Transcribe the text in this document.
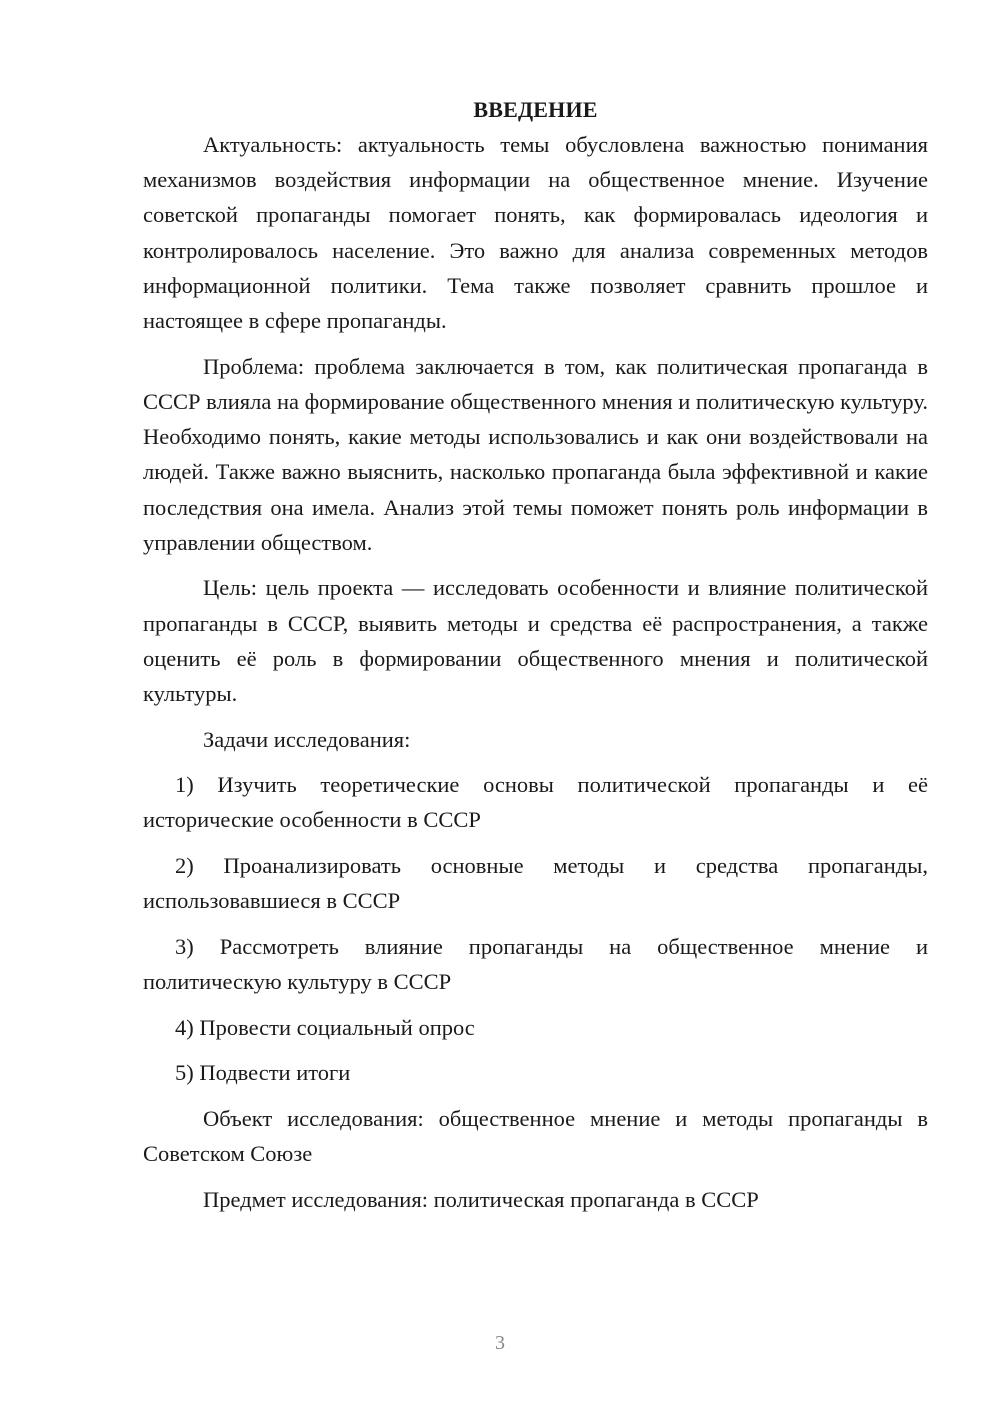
ВВЕДЕНИЕ

Актуальность: актуальность темы обусловлена важностью понимания механизмов воздействия информации на общественное мнение. Изучение советской пропаганды помогает понять, как формировалась идеология и контролировалось население. Это важно для анализа современных методов информационной политики. Тема также позволяет сравнить прошлое и настоящее в сфере пропаганды.

Проблема: проблема заключается в том, как политическая пропаганда в СССР влияла на формирование общественного мнения и политическую культуру. Необходимо понять, какие методы использовались и как они воздействовали на людей. Также важно выяснить, насколько пропаганда была эффективной и какие последствия она имела. Анализ этой темы поможет понять роль информации в управлении обществом.

Цель: цель проекта — исследовать особенности и влияние политической пропаганды в СССР, выявить методы и средства её распространения, а также оценить её роль в формировании общественного мнения и политической культуры.

Задачи исследования:

1) Изучить теоретические основы политической пропаганды и её исторические особенности в СССР

2) Проанализировать основные методы и средства пропаганды, использовавшиеся в СССР

3) Рассмотреть влияние пропаганды на общественное мнение и политическую культуру в СССР

4) Провести социальный опрос

5) Подвести итоги

Объект исследования: общественное мнение и методы пропаганды в Советском Союзе

Предмет исследования: политическая пропаганда в СССР

3
